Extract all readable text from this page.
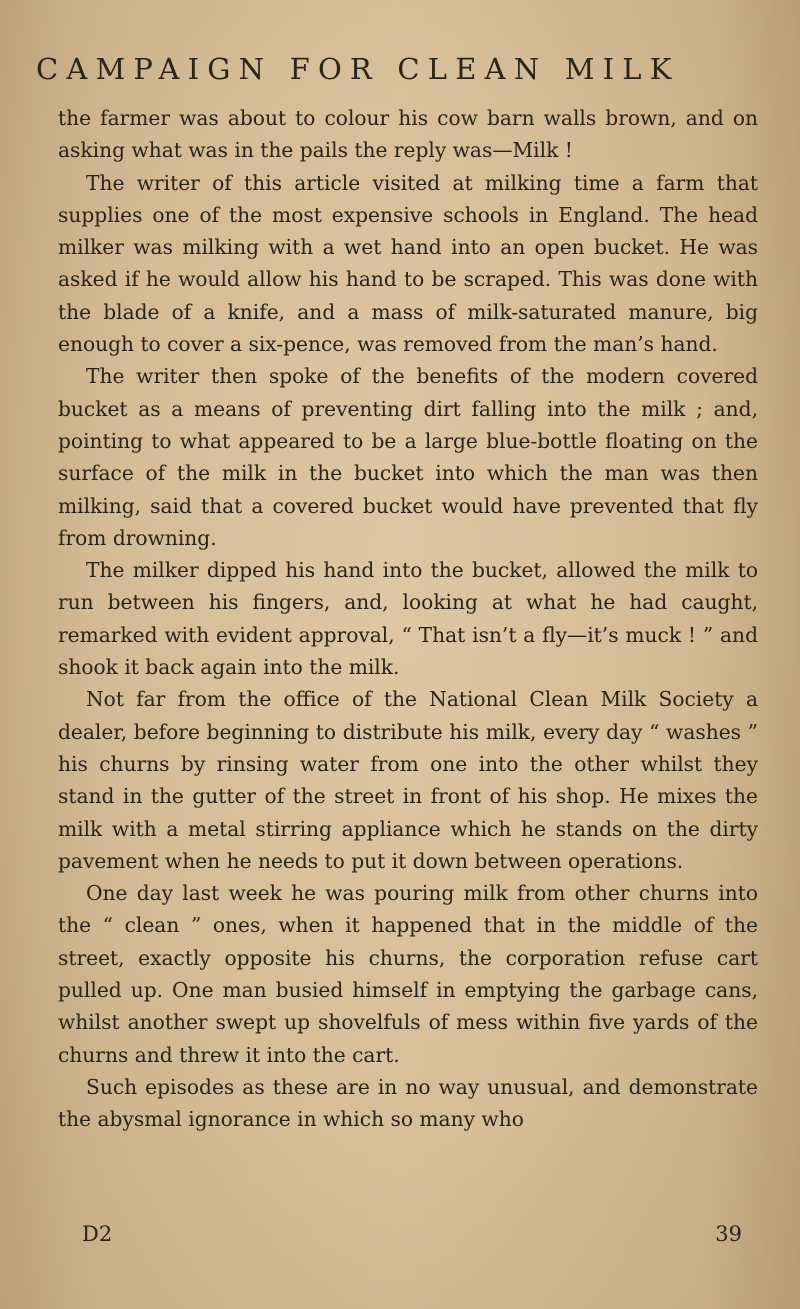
CAMPAIGN FOR CLEAN MILK

the farmer was about to colour his cow barn walls brown, and on asking what was in the pails the reply was—Milk !

The writer of this article visited at milking time a farm that supplies one of the most expensive schools in England. The head milker was milking with a wet hand into an open bucket. He was asked if he would allow his hand to be scraped. This was done with the blade of a knife, and a mass of milk-saturated manure, big enough to cover a six-pence, was removed from the man’s hand.

The writer then spoke of the benefits of the modern covered bucket as a means of preventing dirt falling into the milk ; and, pointing to what appeared to be a large blue-bottle floating on the surface of the milk in the bucket into which the man was then milking, said that a covered bucket would have prevented that fly from drowning.

The milker dipped his hand into the bucket, allowed the milk to run between his fingers, and, looking at what he had caught, remarked with evident approval, “ That isn’t a fly—it’s muck ! ” and shook it back again into the milk.

Not far from the office of the National Clean Milk Society a dealer, before beginning to distribute his milk, every day “ washes ” his churns by rinsing water from one into the other whilst they stand in the gutter of the street in front of his shop. He mixes the milk with a metal stirring appliance which he stands on the dirty pavement when he needs to put it down between operations.

One day last week he was pouring milk from other churns into the “ clean ” ones, when it happened that in the middle of the street, exactly opposite his churns, the corporation refuse cart pulled up. One man busied himself in emptying the garbage cans, whilst another swept up shovelfuls of mess within five yards of the churns and threw it into the cart.

Such episodes as these are in no way unusual, and demonstrate the abysmal ignorance in which so many who

D2	39
